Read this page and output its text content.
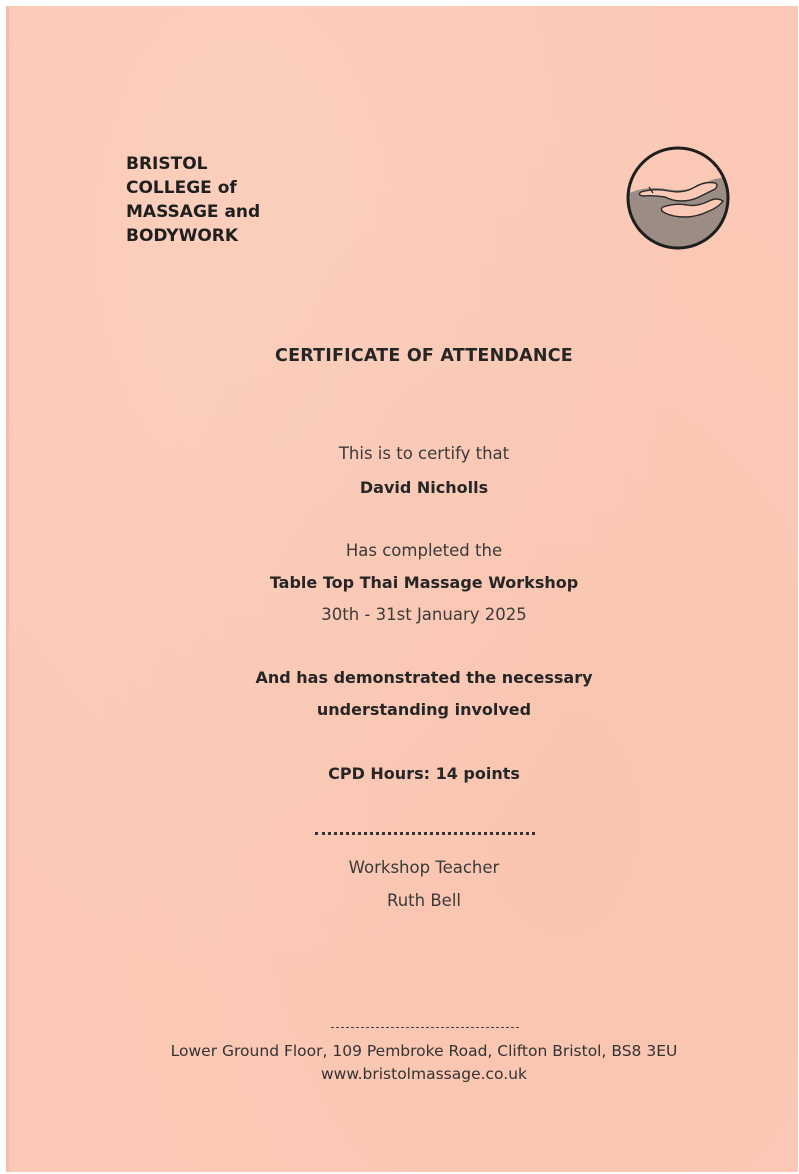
BRISTOL
COLLEGE of
MASSAGE and
BODYWORK
CERTIFICATE OF ATTENDANCE

This is to certify that

David Nicholls

Has completed the

Table Top Thai Massage Workshop

30th - 31st January 2025

And has demonstrated the necessary

understanding involved

CPD Hours: 14 points

Workshop Teacher

Ruth Bell

Lower Ground Floor, 109 Pembroke Road, Clifton Bristol, BS8 3EU

www.bristolmassage.co.uk
